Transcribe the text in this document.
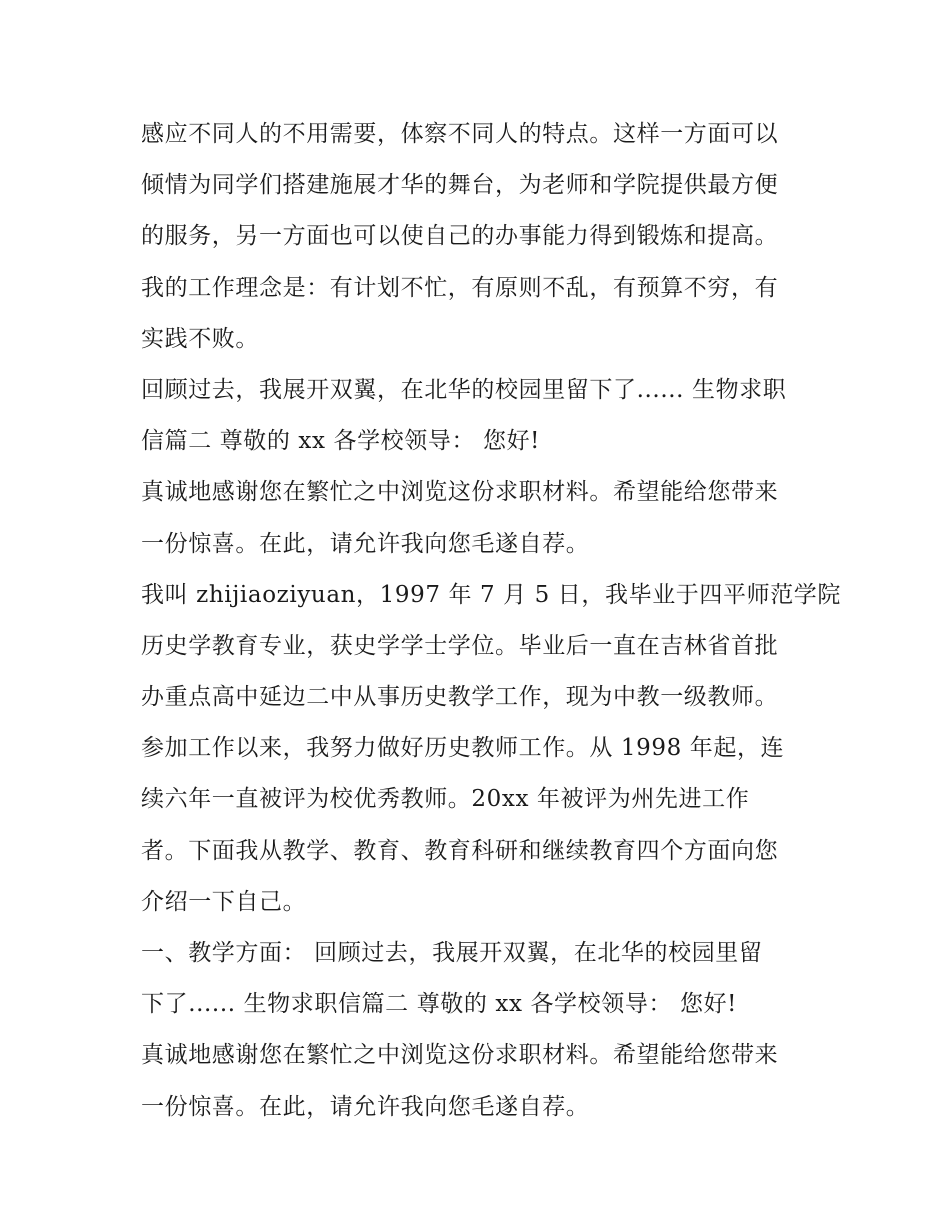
感应不同人的不用需要，体察不同人的特点。这样一方面可以
倾情为同学们搭建施展才华的舞台，为老师和学院提供最方便
的服务，另一方面也可以使自己的办事能力得到锻炼和提高。
我的工作理念是：有计划不忙，有原则不乱，有预算不穷，有
实践不败。
回顾过去，我展开双翼，在北华的校园里留下了...... 生物求职
信篇二 尊敬的 xx 各学校领导： 您好!
真诚地感谢您在繁忙之中浏览这份求职材料。希望能给您带来
一份惊喜。在此，请允许我向您毛遂自荐。
我叫 zhijiaoziyuan，1997 年 7 月 5 日，我毕业于四平师范学院
历史学教育专业，获史学学士学位。毕业后一直在吉林省首批
办重点高中延边二中从事历史教学工作，现为中教一级教师。
参加工作以来，我努力做好历史教师工作。从 1998 年起，连
续六年一直被评为校优秀教师。20xx 年被评为州先进工作
者。下面我从教学、教育、教育科研和继续教育四个方面向您
介绍一下自己。
一、教学方面： 回顾过去，我展开双翼，在北华的校园里留
下了...... 生物求职信篇二 尊敬的 xx 各学校领导： 您好!
真诚地感谢您在繁忙之中浏览这份求职材料。希望能给您带来
一份惊喜。在此，请允许我向您毛遂自荐。
